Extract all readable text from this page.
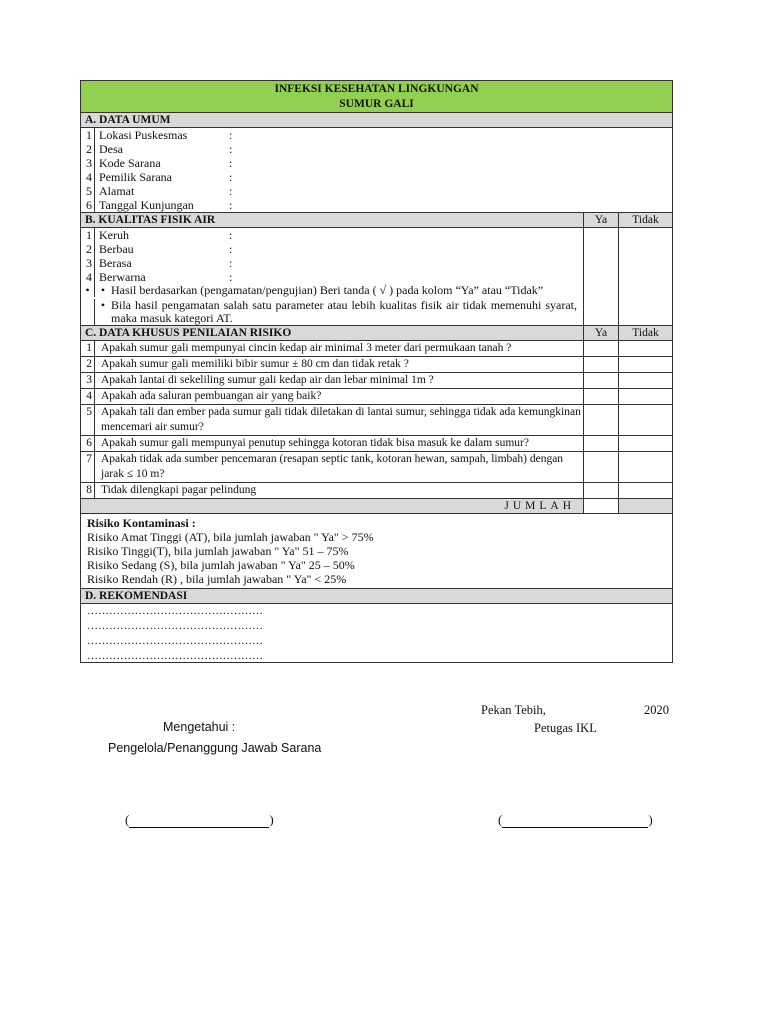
INFEKSI KESEHATAN LINGKUNGAN
SUMUR GALI
A. DATA UMUM
1 Lokasi Puskesmas	:
2 Desa	:
3 Kode Sarana	:
4 Pemilik Sarana	:
5 Alamat	:
6 Tanggal Kunjungan	:
B. KUALITAS FISIK AIR	Ya	Tidak
1 Keruh	:
2 Berbau	:
3 Berasa	:
4 Berwarna	:
• • Hasil berdasarkan (pengamatan/pengujian) Beri tanda ( √ ) pada kolom “Ya” atau “Tidak”
• Bila hasil pengamatan salah satu parameter atau lebih kualitas fisik air tidak memenuhi syarat, maka masuk kategori AT.
C. DATA KHUSUS PENILAIAN RISIKO	Ya	Tidak
1 Apakah sumur gali mempunyai cincin kedap air minimal 3 meter dari permukaan tanah ?
2 Apakah sumur gali memiliki bibir sumur ± 80 cm dan tidak retak ?
3 Apakah lantai di sekeliling sumur gali kedap air dan lebar minimal 1m ?
4 Apakah ada saluran pembuangan air yang baik?
5 Apakah tali dan ember pada sumur gali tidak diletakan di lantai sumur, sehingga tidak ada kemungkinan mencemari air sumur?
6 Apakah sumur gali mempunyai penutup sehingga kotoran tidak bisa masuk ke dalam sumur?
7 Apakah tidak ada sumber pencemaran (resapan septic tank, kotoran hewan, sampah, limbah) dengan jarak ≤ 10 m?
8 Tidak dilengkapi pagar pelindung
JUMLAH
Risiko Kontaminasi :
Risiko Amat Tinggi (AT), bila jumlah jawaban " Ya" > 75%
Risiko Tinggi(T), bila jumlah jawaban " Ya" 51 – 75%
Risiko Sedang (S), bila jumlah jawaban " Ya" 25 – 50%
Risiko Rendah (R) , bila jumlah jawaban " Ya" < 25%
D. REKOMENDASI
…………………………………………
…………………………………………
…………………………………………
…………………………………………
Pekan Tebih,	2020
Mengetahui :	Petugas IKL
Pengelola/Penanggung Jawab Sarana
(	)	(	)
